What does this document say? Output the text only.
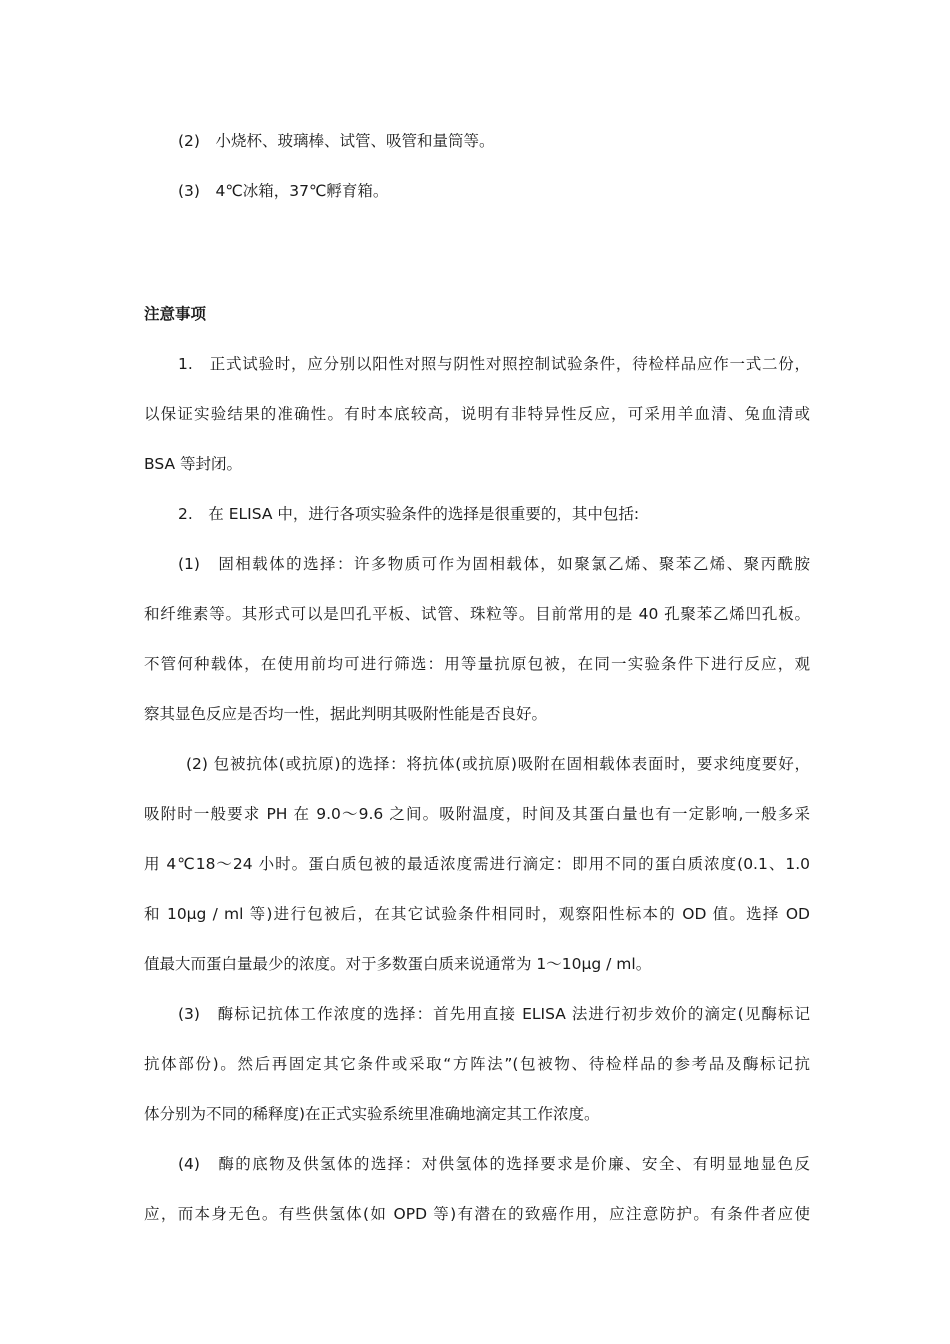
(2)　小烧杯、玻璃棒、试管、吸管和量筒等。
(3)　4℃冰箱，37℃孵育箱。
注意事项
1.　正式试验时，应分别以阳性对照与阴性对照控制试验条件，待检样品应作一式二份，
以保证实验结果的准确性。有时本底较高，说明有非特异性反应，可采用羊血清、兔血清或
BSA 等封闭。
2.　在 ELISA 中，进行各项实验条件的选择是很重要的，其中包括:
(1)　固相载体的选择：许多物质可作为固相载体，如聚氯乙烯、聚苯乙烯、聚丙酰胺
和纤维素等。其形式可以是凹孔平板、试管、珠粒等。目前常用的是 40 孔聚苯乙烯凹孔板。
不管何种载体，在使用前均可进行筛选：用等量抗原包被，在同一实验条件下进行反应，观
察其显色反应是否均一性，据此判明其吸附性能是否良好。
(2) 包被抗体(或抗原)的选择：将抗体(或抗原)吸附在固相载体表面时，要求纯度要好，
吸附时一般要求 PH 在 9.0～9.6 之间。吸附温度，时间及其蛋白量也有一定影响,一般多采
用 4℃18～24 小时。蛋白质包被的最适浓度需进行滴定：即用不同的蛋白质浓度(0.1、1.0
和 10μg / ml 等)进行包被后，在其它试验条件相同时，观察阳性标本的 OD 值。选择 OD
值最大而蛋白量最少的浓度。对于多数蛋白质来说通常为 1～10μg / ml。
(3)　酶标记抗体工作浓度的选择：首先用直接 ELISA 法进行初步效价的滴定(见酶标记
抗体部份)。然后再固定其它条件或采取“方阵法”(包被物、待检样品的参考品及酶标记抗
体分别为不同的稀释度)在正式实验系统里准确地滴定其工作浓度。
(4)　酶的底物及供氢体的选择：对供氢体的选择要求是价廉、安全、有明显地显色反
应，而本身无色。有些供氢体(如 OPD 等)有潜在的致癌作用，应注意防护。有条件者应使
